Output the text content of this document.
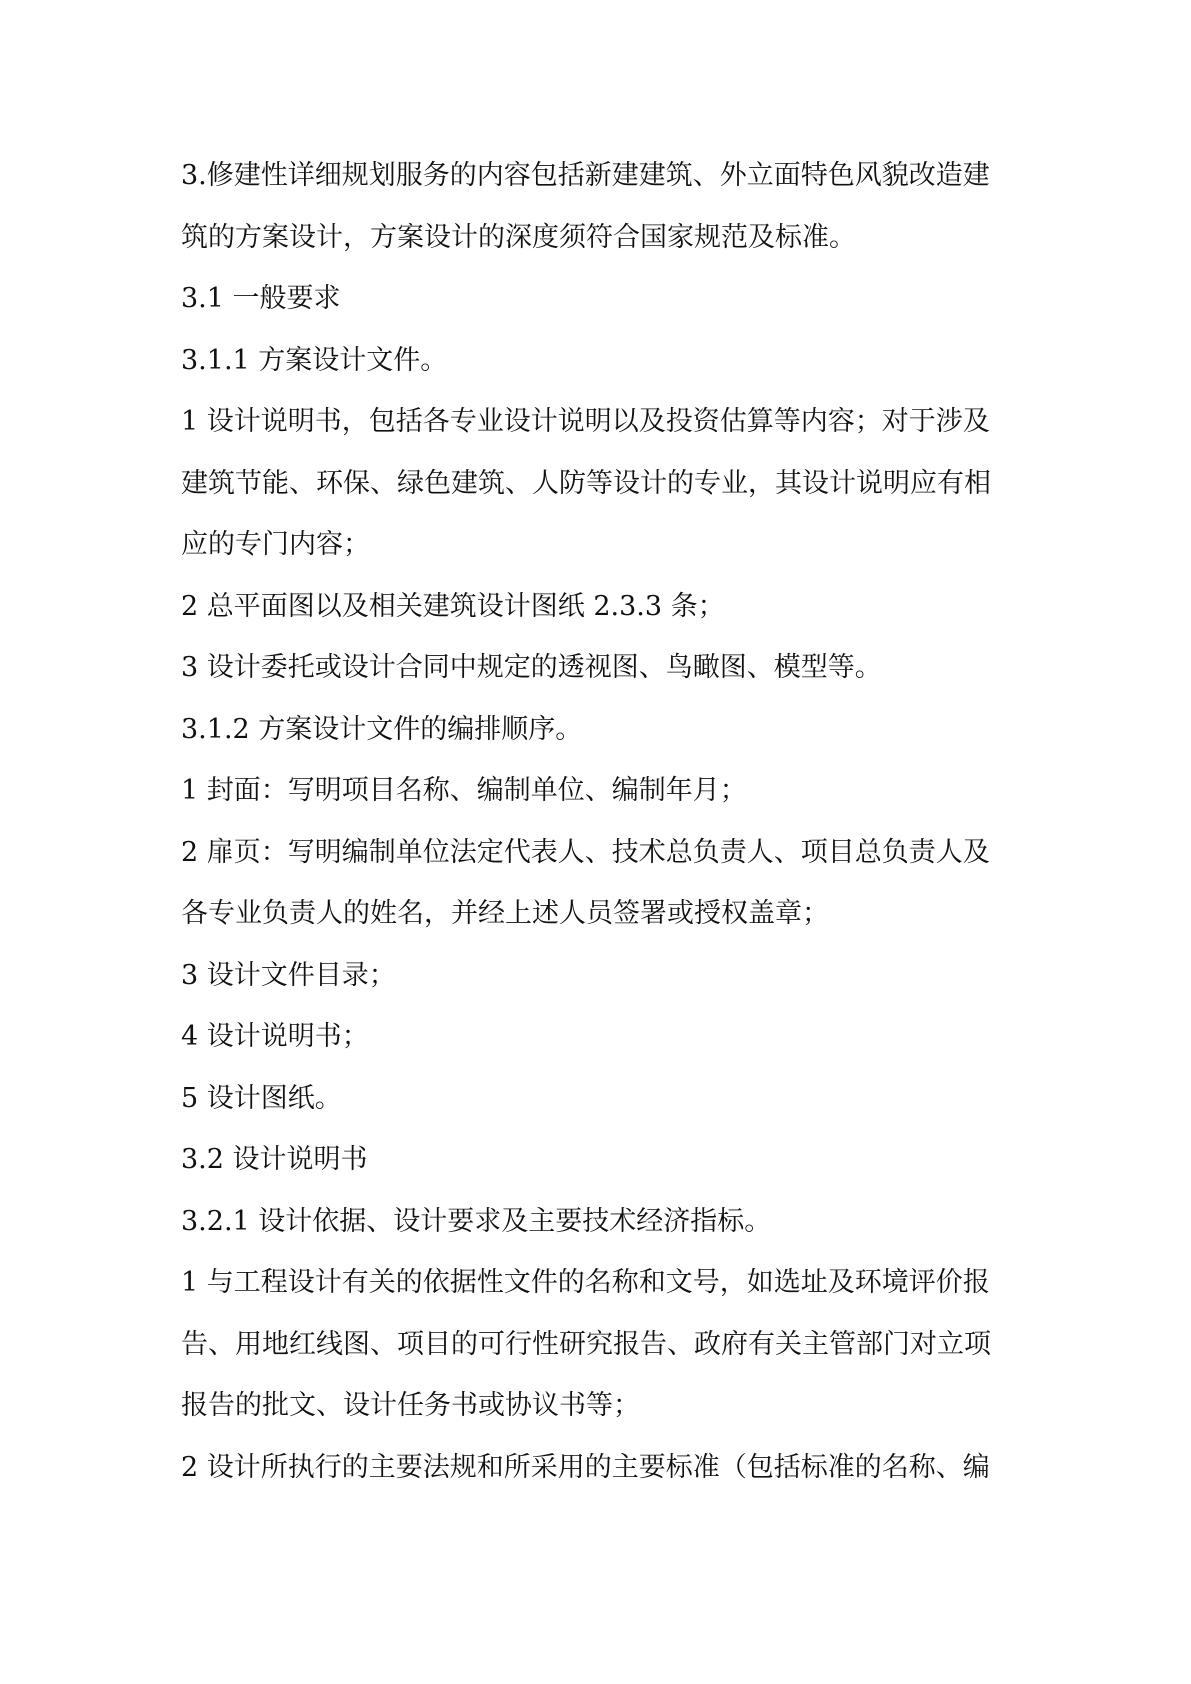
3.修建性详细规划服务的内容包括新建建筑、外立面特色风貌改造建
筑的方案设计，方案设计的深度须符合国家规范及标准。
3.1 一般要求
3.1.1 方案设计文件。
1 设计说明书，包括各专业设计说明以及投资估算等内容；对于涉及
建筑节能、环保、绿色建筑、人防等设计的专业，其设计说明应有相
应的专门内容；
2 总平面图以及相关建筑设计图纸 2.3.3 条；
3 设计委托或设计合同中规定的透视图、鸟瞰图、模型等。
3.1.2 方案设计文件的编排顺序。
1 封面：写明项目名称、编制单位、编制年月；
2 扉页：写明编制单位法定代表人、技术总负责人、项目总负责人及
各专业负责人的姓名，并经上述人员签署或授权盖章；
3 设计文件目录；
4 设计说明书；
5 设计图纸。
3.2 设计说明书
3.2.1 设计依据、设计要求及主要技术经济指标。
1 与工程设计有关的依据性文件的名称和文号，如选址及环境评价报
告、用地红线图、项目的可行性研究报告、政府有关主管部门对立项
报告的批文、设计任务书或协议书等；
2 设计所执行的主要法规和所采用的主要标准（包括标准的名称、编
